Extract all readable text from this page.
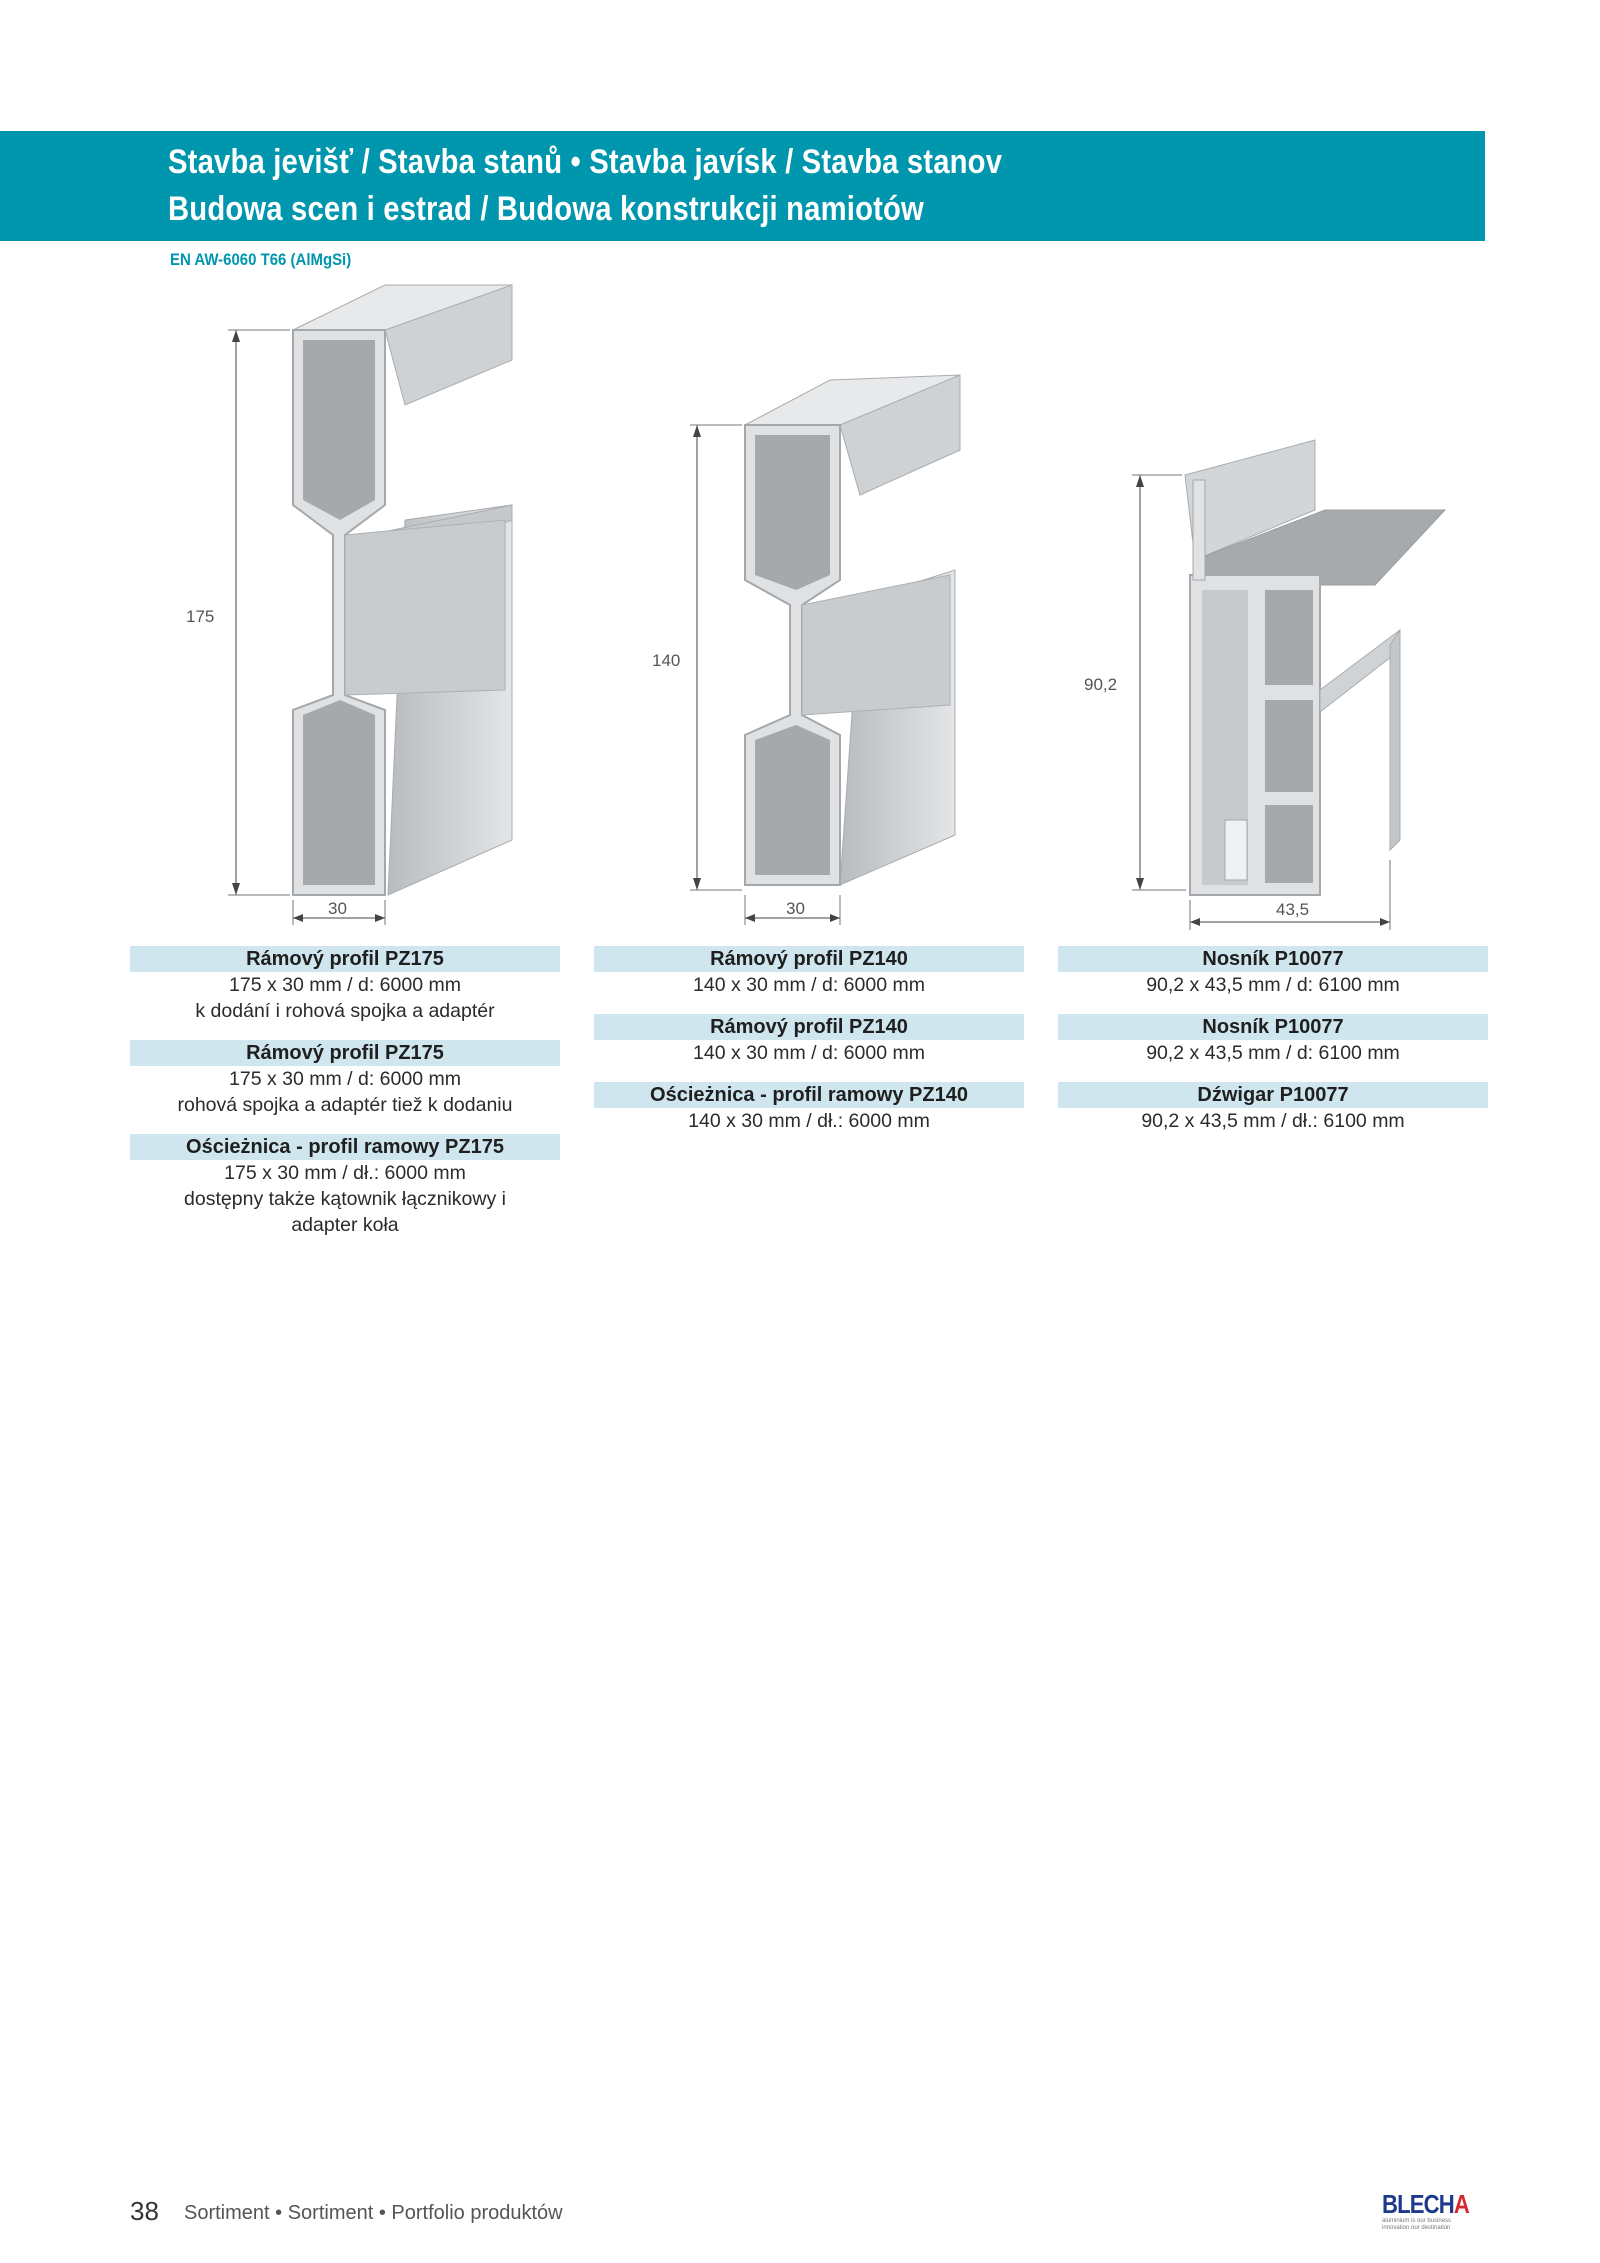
Stavba jevišť / Stavba stanů • Stavba javísk / Stavba stanov
Budowa scen i estrad / Budowa konstrukcji namiotów
EN AW-6060 T66 (AlMgSi)
175
30
140
30
90,2
43,5
Rámový profil PZ175
175 x 30 mm / d: 6000 mm
k dodání i rohová spojka a adaptér
Rámový profil PZ175
175 x 30 mm / d: 6000 mm
rohová spojka a adaptér tiež k dodaniu
Ościeżnica - profil ramowy PZ175
175 x 30 mm / dł.: 6000 mm
dostępny także kątownik łącznikowy i
adapter koła
Rámový profil PZ140
140 x 30 mm / d: 6000 mm
Rámový profil PZ140
140 x 30 mm / d: 6000 mm
Ościeżnica - profil ramowy PZ140
140 x 30 mm / dł.: 6000 mm
Nosník P10077
90,2 x 43,5 mm / d: 6100 mm
Nosník P10077
90,2 x 43,5 mm / d: 6100 mm
Dźwigar P10077
90,2 x 43,5 mm / dł.: 6100 mm
38 Sortiment • Sortiment • Portfolio produktów	BLECHA
aluminium is our business
innovation our destination
